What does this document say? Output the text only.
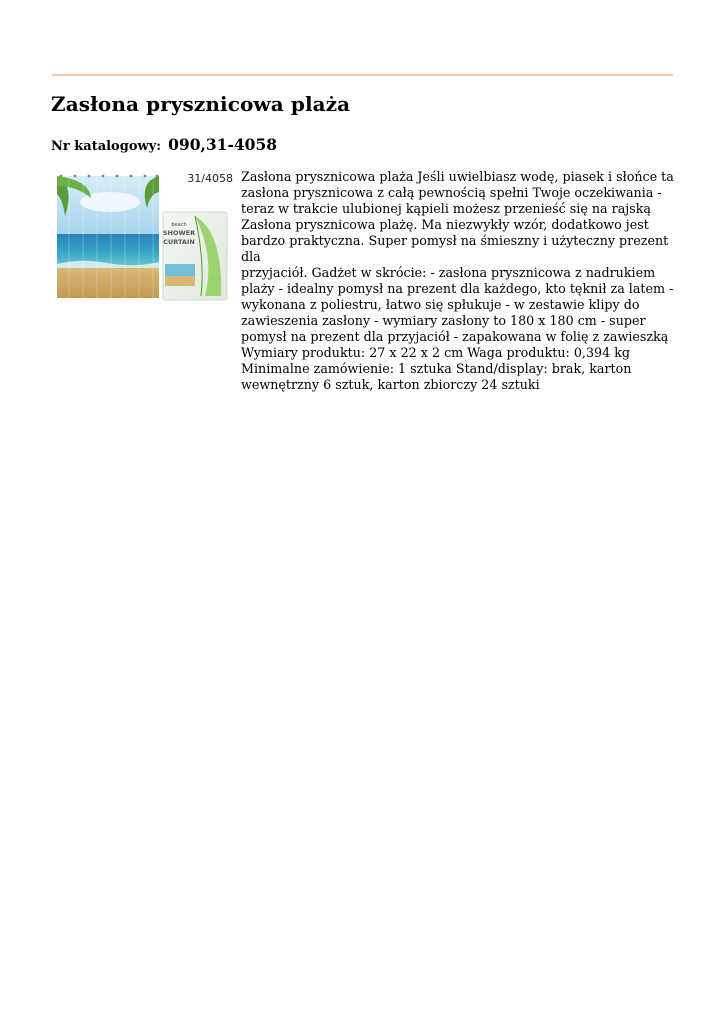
Zasłona prysznicowa plaża
Nr katalogowy: 090,31-4058
31/4058
beach
SHOWER
CURTAIN

Zasłona prysznicowa plaża Jeśli uwielbiasz wodę, piasek i słońce ta
zasłona prysznicowa z całą pewnością spełni Twoje oczekiwania -
teraz w trakcie ulubionej kąpieli możesz przenieść się na rajską
Zasłona prysznicowa plażę. Ma niezwykły wzór, dodatkowo jest
bardzo praktyczna. Super pomysł na śmieszny i użyteczny prezent dla
przyjaciół. Gadżet w skrócie: - zasłona prysznicowa z nadrukiem
plaży - idealny pomysł na prezent dla każdego, kto tęknił za latem -
wykonana z poliestru, łatwo się spłukuje - w zestawie klipy do
zawieszenia zasłony - wymiary zasłony to 180 x 180 cm - super
pomysł na prezent dla przyjaciół - zapakowana w folię z zawieszką
Wymiary produktu: 27 x 22 x 2 cm Waga produktu: 0,394 kg
Minimalne zamówienie: 1 sztuka Stand/display: brak, karton
wewnętrzny 6 sztuk, karton zbiorczy 24 sztuki
